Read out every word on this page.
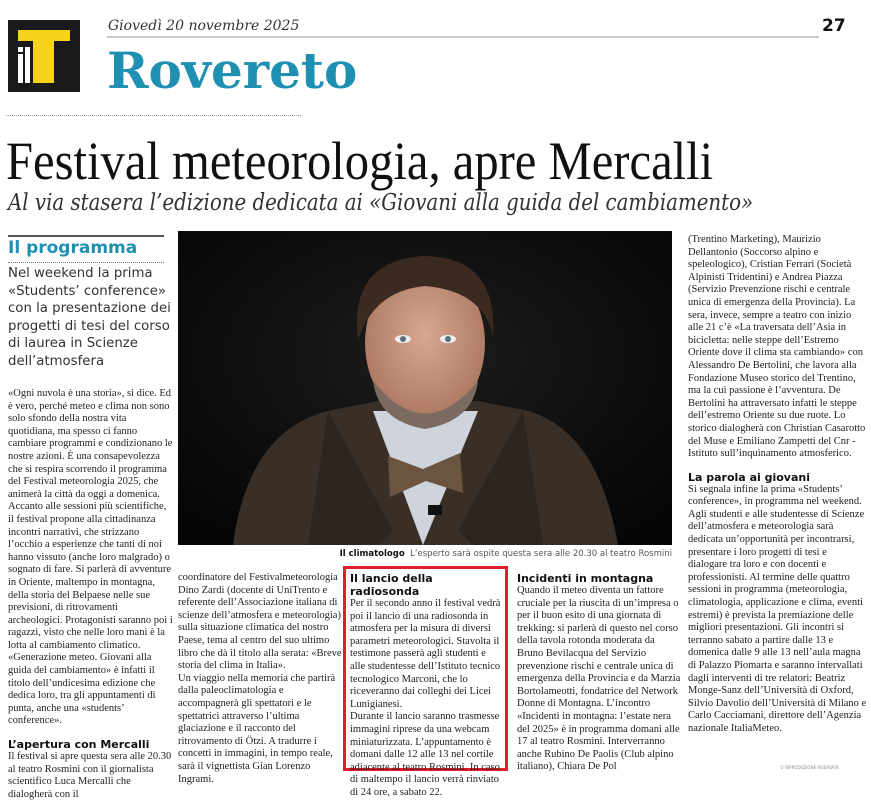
Giovedì 20 novembre 2025	27
Rovereto
Festival meteorologia, apre Mercalli
Al via stasera l’edizione dedicata ai «Giovani alla guida del cambiamento»
Il programma
Nel weekend la prima «Students’ conference» con la presentazione dei progetti di tesi del corso di laurea in Scienze dell’atmosfera

«Ogni nuvola è una storia», si dice. Ed è vero, perché meteo e clima non sono solo sfondo della nostra vita quotidiana, ma spesso ci fanno cambiare programmi e condizionano le nostre azioni. È una consapevolezza che si respira scorrendo il programma del Festival meteorologia 2025, che animerà la città da oggi a domenica. Accanto alle sessioni più scientifiche, il festival propone alla cittadinanza incontri narrativi, che strizzano l’occhio a esperienze che tanti di noi hanno vissuto (anche loro malgrado) o sognato di fare. Si parlerà di avventure in Oriente, maltempo in montagna, della storia del Belpaese nelle sue previsioni, di ritrovamenti archeologici. Protagonisti saranno poi i ragazzi, visto che nelle loro mani è la lotta al cambiamento climatico. «Generazione meteo. Giovani alla guida del cambiamento» è infatti il titolo dell’undicesima edizione che dedica loro, tra gli appuntamenti di punta, anche una «students’ conference».

L’apertura con Mercalli

Il festival si apre questa sera alle 20.30 al teatro Rosmini con il giornalista scientifico Luca Mercalli che dialogherà con il

Il climatologo L’esperto sarà ospite questa sera alle 20.30 al teatro Rosmini

coordinatore del Festivalmeteorologia Dino Zardi (docente di UniTrento e referente dell’Associazione italiana di scienze dell’atmosfera e meteorologia) sulla situazione climatica del nostro Paese, tema al centro del suo ultimo libro che dà il titolo alla serata: «Breve storia del clima in Italia».

Un viaggio nella memoria che partirà dalla paleoclimatologia e accompagnerà gli spettatori e le spettatrici attraverso l’ultima glaciazione e il racconto del ritrovamento di Ötzi. A tradurre i concetti in immagini, in tempo reale, sarà il vignettista Gian Lorenzo Ingrami.

Il lancio della radiosonda

Per il secondo anno il festival vedrà poi il lancio di una radiosonda in atmosfera per la misura di diversi parametri meteorologici. Stavolta il testimone passerà agli studenti e alle studentesse dell’Istituto tecnico tecnologico Marconi, che lo riceveranno dai colleghi dei Licei Lunigianesi.

Durante il lancio saranno trasmesse immagini riprese da una webcam miniaturizzata. L’appuntamento è domani dalle 12 alle 13 nel cortile adiacente al teatro Rosmini. In caso di maltempo il lancio verrà rinviato di 24 ore, a sabato 22.

Incidenti in montagna

Quando il meteo diventa un fattore cruciale per la riuscita di un’impresa o per il buon esito di una giornata di trekking: si parlerà di questo nel corso della tavola rotonda moderata da Bruno Bevilacqua del Servizio prevenzione rischi e centrale unica di emergenza della Provincia e da Marzia Bortolameotti, fondatrice del Network Donne di Montagna. L’incontro «Incidenti in montagna: l’estate nera del 2025» è in programma domani alle 17 al teatro Rosmini. Interverranno anche Rubino De Paolis (Club alpino italiano), Chiara De Pol

(Trentino Marketing), Maurizio Dellantonio (Soccorso alpino e speleologico), Cristian Ferrari (Società Alpinisti Tridentini) e Andrea Piazza (Servizio Prevenzione rischi e centrale unica di emergenza della Provincia). La sera, invece, sempre a teatro con inizio alle 21 c’è «La traversata dell’Asia in bicicletta: nelle steppe dell’Estremo Oriente dove il clima sta cambiando» con Alessandro De Bertolini, che lavora alla Fondazione Museo storico del Trentino, ma la cui passione è l’avventura. De Bertolini ha attraversato infatti le steppe dell’estremo Oriente su due ruote. Lo storico dialogherà con Christian Casarotto del Muse e Emiliano Zampetti del Cnr - Istituto sull’inquinamento atmosferico.

La parola ai giovani

Si segnala infine la prima «Students’ conference», in programma nel weekend. Agli studenti e alle studentesse di Scienze dell’atmosfera e meteorologia sarà dedicata un’opportunità per incontrarsi, presentare i loro progetti di tesi e dialogare tra loro e con docenti e professionisti. Al termine delle quattro sessioni in programma (meteorologia, climatologia, applicazione e clima, eventi estremi) è prevista la premiazione delle migliori presentazioni. Gli incontri si terranno sabato a partire dalle 13 e domenica dalle 9 alle 13 nell’aula magna di Palazzo Piomarta e saranno intervallati dagli interventi di tre relatori: Beatriz Monge-Sanz dell’Università di Oxford, Silvio Davolio dell’Università di Milano e Carlo Cacciamani, direttore dell’Agenzia nazionale ItaliaMeteo.

© RIPRODUZIONE RISERVATA
